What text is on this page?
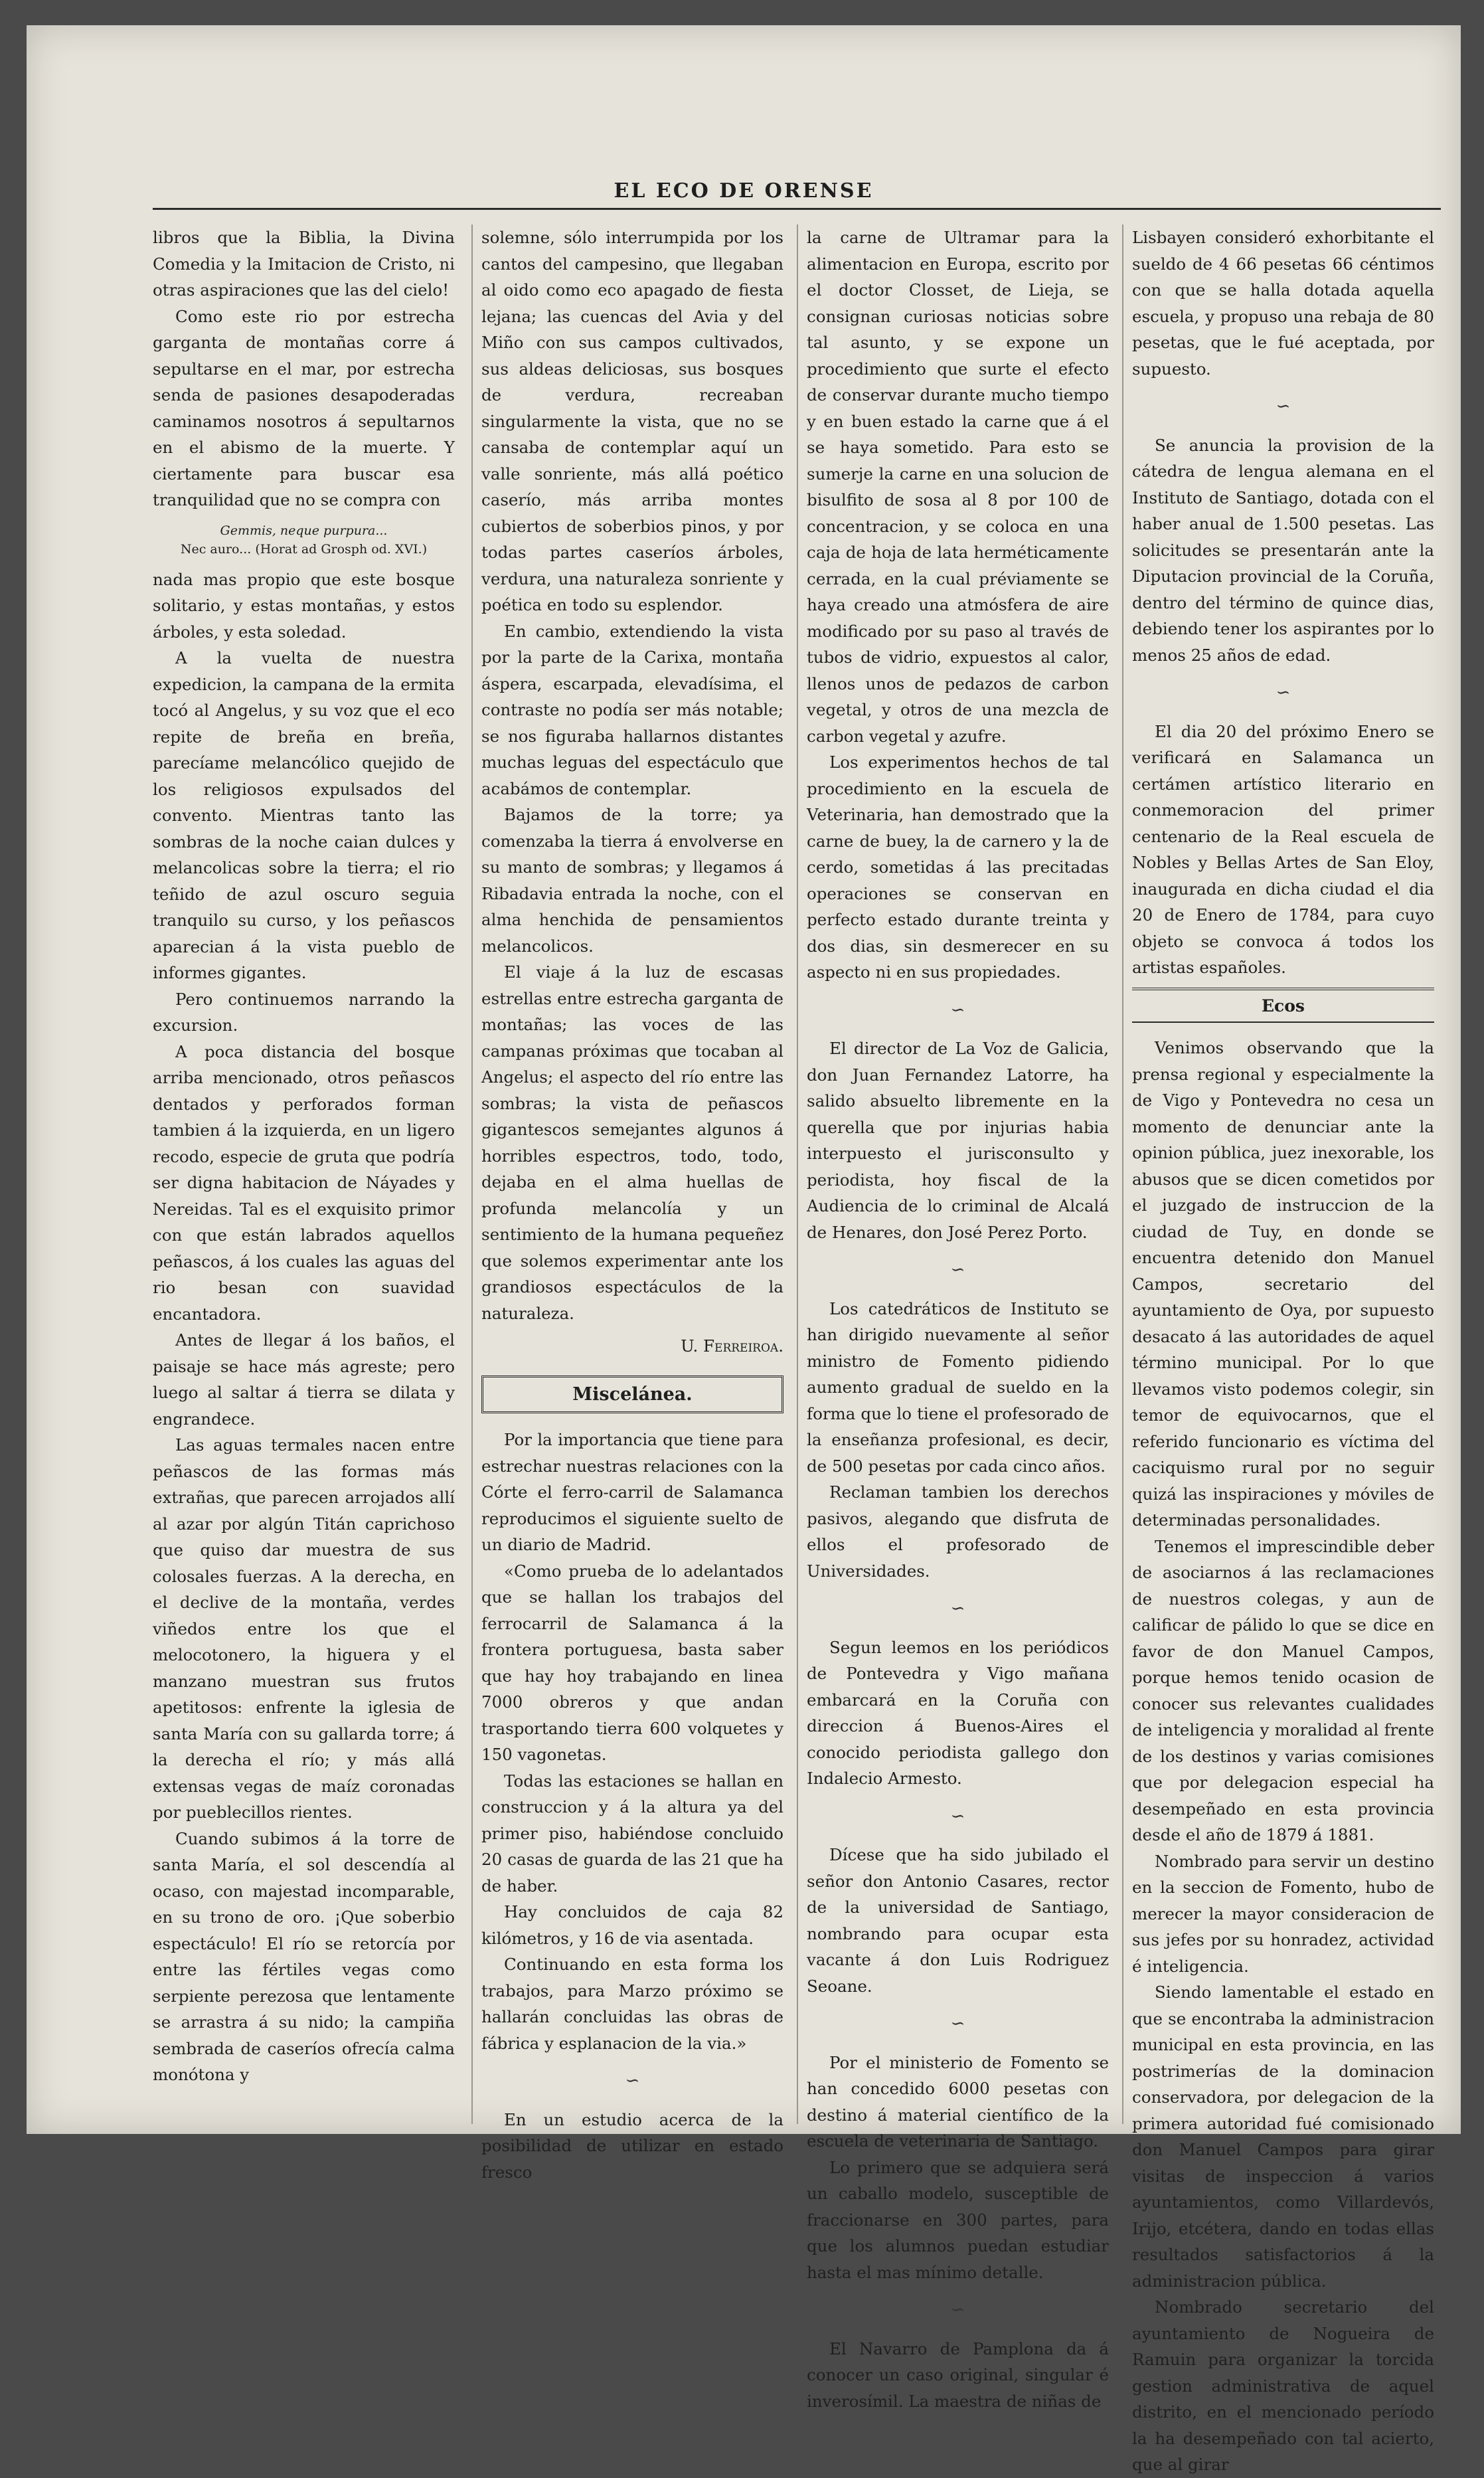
EL ECO DE ORENSE

libros que la Biblia, la Divina Comedia y la Imitacion de Cristo, ni otras aspiraciones que las del cielo!

Como este rio por estrecha garganta de montañas corre á sepultarse en el mar, por estrecha senda de pasiones desapoderadas caminamos nosotros á sepultarnos en el abismo de la muerte. Y ciertamente para buscar esa tranquilidad que no se compra con

Gemmis, neque purpura...
Nec auro... (Horat ad Grosph od. XVI.)

nada mas propio que este bosque solitario, y estas montañas, y estos árboles, y esta soledad.

A la vuelta de nuestra expedicion, la campana de la ermita tocó al Angelus, y su voz que el eco repite de breña en breña, parecíame melancólico quejido de los religiosos expulsados del convento. Mientras tanto las sombras de la noche caian dulces y melancolicas sobre la tierra; el rio teñido de azul oscuro seguia tranquilo su curso, y los peñascos aparecian á la vista pueblo de informes gigantes.

Pero continuemos narrando la excursion.

A poca distancia del bosque arriba mencionado, otros peñascos dentados y perforados forman tambien á la izquierda, en un ligero recodo, especie de gruta que podría ser digna habitacion de Náyades y Nereidas. Tal es el exquisito primor con que están labrados aquellos peñascos, á los cuales las aguas del rio besan con suavidad encantadora.

Antes de llegar á los baños, el paisaje se hace más agreste; pero luego al saltar á tierra se dilata y engrandece.

Las aguas termales nacen entre peñascos de las formas más extrañas, que parecen arrojados allí al azar por algún Titán caprichoso que quiso dar muestra de sus colosales fuerzas. A la derecha, en el declive de la montaña, verdes viñedos entre los que el melocotonero, la higuera y el manzano muestran sus frutos apetitosos: enfrente la iglesia de santa María con su gallarda torre; á la derecha el río; y más allá extensas vegas de maíz coronadas por pueblecillos rientes.

Cuando subimos á la torre de santa María, el sol descendía al ocaso, con majestad incomparable, en su trono de oro. ¡Que soberbio espectáculo! El río se retorcía por entre las fértiles vegas como serpiente perezosa que lentamente se arrastra á su nido; la campiña sembrada de caseríos ofrecía calma monótona y

solemne, sólo interrumpida por los cantos del campesino, que llegaban al oido como eco apagado de fiesta lejana; las cuencas del Avia y del Miño con sus campos cultivados, sus aldeas deliciosas, sus bosques de verdura, recreaban singularmente la vista, que no se cansaba de contemplar aquí un valle sonriente, más allá poético caserío, más arriba montes cubiertos de soberbios pinos, y por todas partes caseríos árboles, verdura, una naturaleza sonriente y poética en todo su esplendor.

En cambio, extendiendo la vista por la parte de la Carixa, montaña áspera, escarpada, elevadísima, el contraste no podía ser más notable; se nos figuraba hallarnos distantes muchas leguas del espectáculo que acabámos de contemplar.

Bajamos de la torre; ya comenzaba la tierra á envolverse en su manto de sombras; y llegamos á Ribadavia entrada la noche, con el alma henchida de pensamientos melancolicos.

El viaje á la luz de escasas estrellas entre estrecha garganta de montañas; las voces de las campanas próximas que tocaban al Angelus; el aspecto del río entre las sombras; la vista de peñascos gigantescos semejantes algunos á horribles espectros, todo, todo, dejaba en el alma huellas de profunda melancolía y un sentimiento de la humana pequeñez que solemos experimentar ante los grandiosos espectáculos de la naturaleza.

U. Ferreiroa.
Miscelánea.

Por la importancia que tiene para estrechar nuestras relaciones con la Córte el ferro-carril de Salamanca reproducimos el siguiente suelto de un diario de Madrid.

«Como prueba de lo adelantados que se hallan los trabajos del ferrocarril de Salamanca á la frontera portuguesa, basta saber que hay hoy trabajando en linea 7000 obreros y que andan trasportando tierra 600 volquetes y 150 vagonetas.

Todas las estaciones se hallan en construccion y á la altura ya del primer piso, habiéndose concluido 20 casas de guarda de las 21 que ha de haber.

Hay concluidos de caja 82 kilómetros, y 16 de via asentada.

Continuando en esta forma los trabajos, para Marzo próximo se hallarán concluidas las obras de fábrica y esplanacion de la via.»

∽

En un estudio acerca de la posibilidad de utilizar en estado fresco

la carne de Ultramar para la alimentacion en Europa, escrito por el doctor Closset, de Lieja, se consignan curiosas noticias sobre tal asunto, y se expone un procedimiento que surte el efecto de conservar durante mucho tiempo y en buen estado la carne que á el se haya sometido. Para esto se sumerje la carne en una solucion de bisulfito de sosa al 8 por 100 de concentracion, y se coloca en una caja de hoja de lata herméticamente cerrada, en la cual préviamente se haya creado una atmósfera de aire modificado por su paso al través de tubos de vidrio, expuestos al calor, llenos unos de pedazos de carbon vegetal, y otros de una mezcla de carbon vegetal y azufre.

Los experimentos hechos de tal procedimiento en la escuela de Veterinaria, han demostrado que la carne de buey, la de carnero y la de cerdo, sometidas á las precitadas operaciones se conservan en perfecto estado durante treinta y dos dias, sin desmerecer en su aspecto ni en sus propiedades.

∽

El director de La Voz de Galicia, don Juan Fernandez Latorre, ha salido absuelto libremente en la querella que por injurias habia interpuesto el jurisconsulto y periodista, hoy fiscal de la Audiencia de lo criminal de Alcalá de Henares, don José Perez Porto.

∽

Los catedráticos de Instituto se han dirigido nuevamente al señor ministro de Fomento pidiendo aumento gradual de sueldo en la forma que lo tiene el profesorado de la enseñanza profesional, es decir, de 500 pesetas por cada cinco años.

Reclaman tambien los derechos pasivos, alegando que disfruta de ellos el profesorado de Universidades.

∽

Segun leemos en los periódicos de Pontevedra y Vigo mañana embarcará en la Coruña con direccion á Buenos-Aires el conocido periodista gallego don Indalecio Armesto.

∽

Dícese que ha sido jubilado el señor don Antonio Casares, rector de la universidad de Santiago, nombrando para ocupar esta vacante á don Luis Rodriguez Seoane.

∽

Por el ministerio de Fomento se han concedido 6000 pesetas con destino á material científico de la escuela de veterinaria de Santiago.

Lo primero que se adquiera será un caballo modelo, susceptible de fraccionarse en 300 partes, para que los alumnos puedan estudiar hasta el mas mínimo detalle.

∽

El Navarro de Pamplona da á conocer un caso original, singular é inverosímil. La maestra de niñas de

Lisbayen consideró exhorbitante el sueldo de 4 66 pesetas 66 céntimos con que se halla dotada aquella escuela, y propuso una rebaja de 80 pesetas, que le fué aceptada, por supuesto.

∽

Se anuncia la provision de la cátedra de lengua alemana en el Instituto de Santiago, dotada con el haber anual de 1.500 pesetas. Las solicitudes se presentarán ante la Diputacion provincial de la Coruña, dentro del término de quince dias, debiendo tener los aspirantes por lo menos 25 años de edad.

∽

El dia 20 del próximo Enero se verificará en Salamanca un certámen artístico literario en conmemoracion del primer centenario de la Real escuela de Nobles y Bellas Artes de San Eloy, inaugurada en dicha ciudad el dia 20 de Enero de 1784, para cuyo objeto se convoca á todos los artistas españoles.

Ecos

Venimos observando que la prensa regional y especialmente la de Vigo y Pontevedra no cesa un momento de denunciar ante la opinion pública, juez inexorable, los abusos que se dicen cometidos por el juzgado de instruccion de la ciudad de Tuy, en donde se encuentra detenido don Manuel Campos, secretario del ayuntamiento de Oya, por supuesto desacato á las autoridades de aquel término municipal. Por lo que llevamos visto podemos colegir, sin temor de equivocarnos, que el referido funcionario es víctima del caciquismo rural por no seguir quizá las inspiraciones y móviles de determinadas personalidades.

Tenemos el imprescindible deber de asociarnos á las reclamaciones de nuestros colegas, y aun de calificar de pálido lo que se dice en favor de don Manuel Campos, porque hemos tenido ocasion de conocer sus relevantes cualidades de inteligencia y moralidad al frente de los destinos y varias comisiones que por delegacion especial ha desempeñado en esta provincia desde el año de 1879 á 1881.

Nombrado para servir un destino en la seccion de Fomento, hubo de merecer la mayor consideracion de sus jefes por su honradez, actividad é inteligencia.

Siendo lamentable el estado en que se encontraba la administracion municipal en esta provincia, en las postrimerías de la dominacion conservadora, por delegacion de la primera autoridad fué comisionado don Manuel Campos para girar visitas de inspeccion á varios ayuntamientos, como Villardevós, Irijo, etcétera, dando en todas ellas resultados satisfactorios á la administracion pública.

Nombrado secretario del ayuntamiento de Nogueira de Ramuin para organizar la torcida gestion administrativa de aquel distrito, en el mencionado período la ha desempeñado con tal acierto, que al girar
